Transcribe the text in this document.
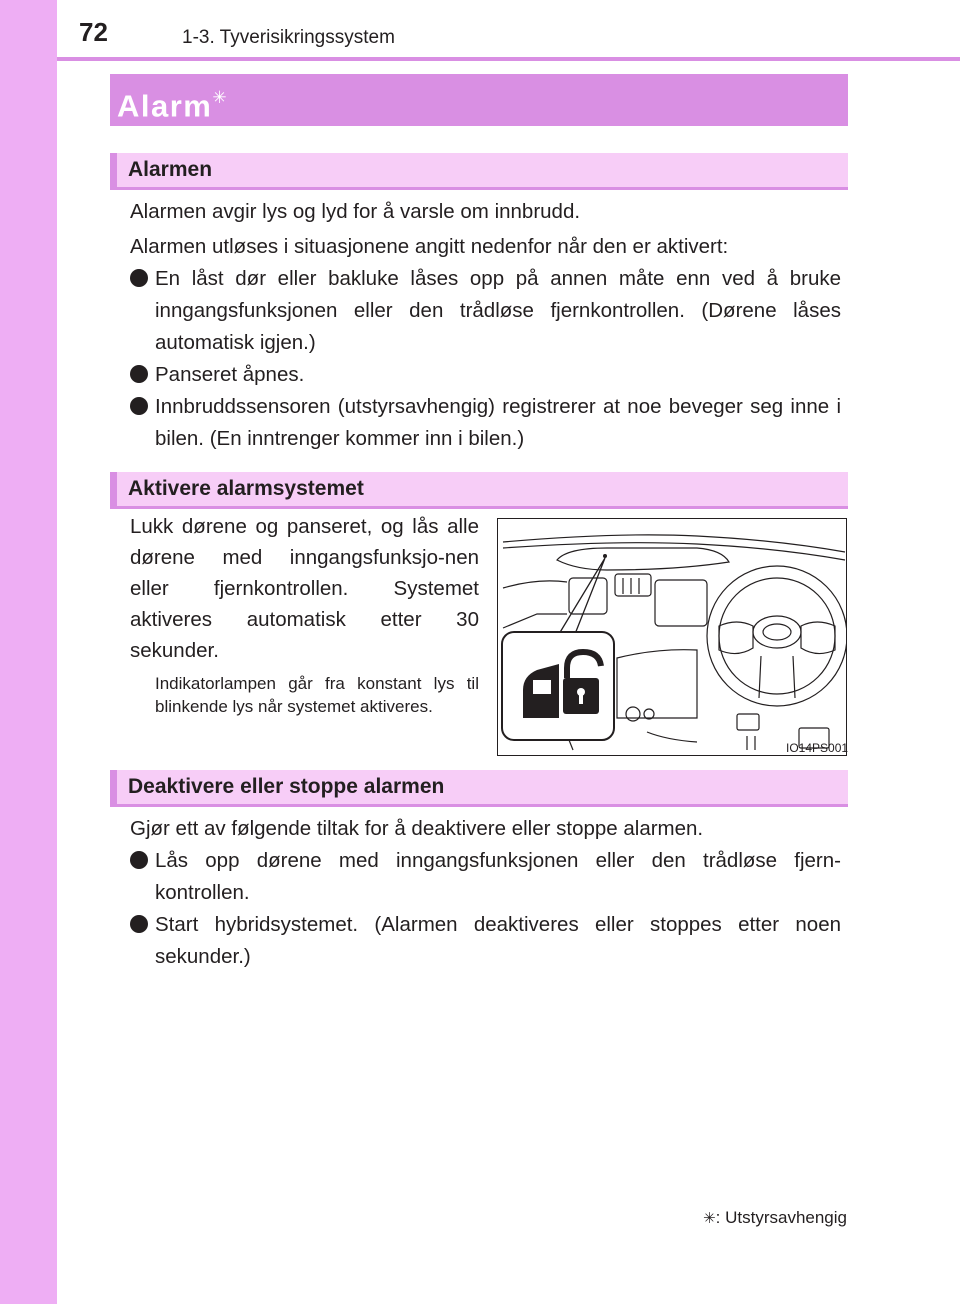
72	1-3. Tyverisikringssystem
Alarm✳
Alarmen

Alarmen avgir lys og lyd for å varsle om innbrudd.

Alarmen utløses i situasjonene angitt nedenfor når den er aktivert:

En låst dør eller bakluke låses opp på annen måte enn ved å bruke inngangsfunksjonen eller den trådløse fjernkontrollen. (Dørene låses automatisk igjen.)
Panseret åpnes.
Innbruddssensoren (utstyrsavhengig) registrerer at noe beveger seg inne i bilen. (En inntrenger kommer inn i bilen.)
Aktivere alarmsystemet

Lukk dørene og panseret, og lås alle dørene med inngangsfunksjo-nen eller fjernkontrollen. Systemet aktiveres automatisk etter 30 sekunder.

Indikatorlampen går fra konstant lys til blinkende lys når systemet aktiveres.

IO14PS001
Deaktivere eller stoppe alarmen

Gjør ett av følgende tiltak for å deaktivere eller stoppe alarmen.

Lås opp dørene med inngangsfunksjonen eller den trådløse fjern-kontrollen.
Start hybridsystemet. (Alarmen deaktiveres eller stoppes etter noen sekunder.)
✳: Utstyrsavhengig
